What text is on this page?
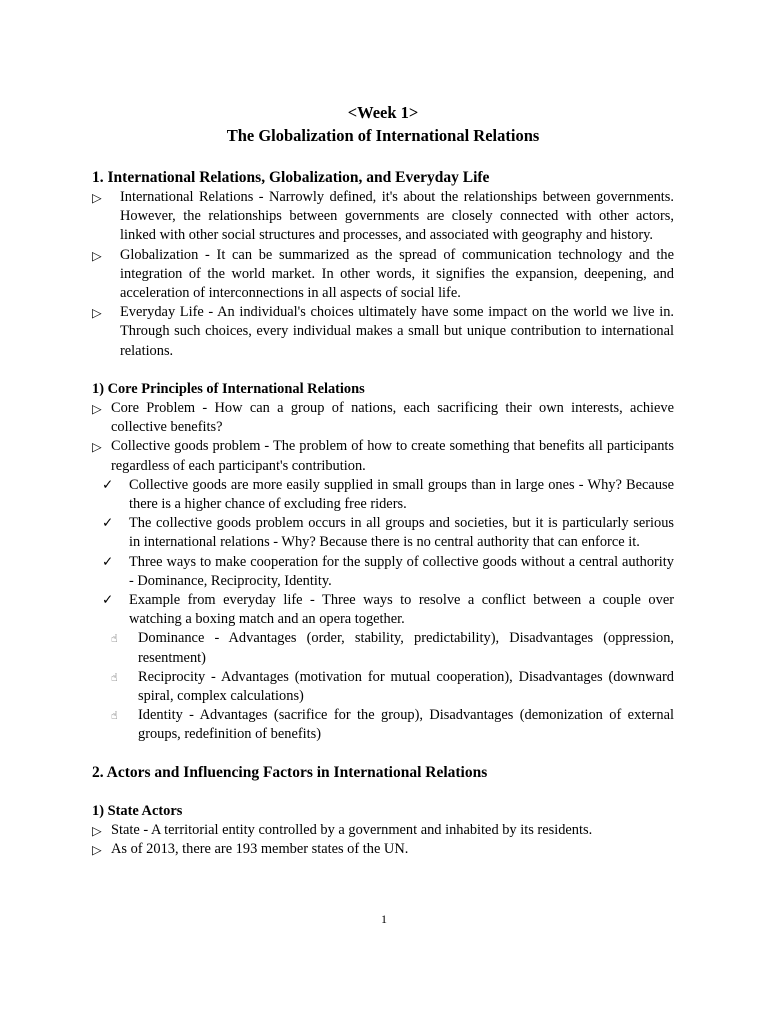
<Week 1>
The Globalization of International Relations
1. International Relations, Globalization, and Everyday Life
▷ International Relations - Narrowly defined, it's about the relationships between governments. However, the relationships between governments are closely connected with other actors, linked with other social structures and processes, and associated with geography and history.
▷ Globalization - It can be summarized as the spread of communication technology and the integration of the world market. In other words, it signifies the expansion, deepening, and acceleration of interconnections in all aspects of social life.
▷ Everyday Life - An individual's choices ultimately have some impact on the world we live in. Through such choices, every individual makes a small but unique contribution to international relations.
1) Core Principles of International Relations
▷ Core Problem - How can a group of nations, each sacrificing their own interests, achieve collective benefits?
▷ Collective goods problem - The problem of how to create something that benefits all participants regardless of each participant's contribution.
✓ Collective goods are more easily supplied in small groups than in large ones - Why? Because there is a higher chance of excluding free riders.
✓ The collective goods problem occurs in all groups and societies, but it is particularly serious in international relations - Why? Because there is no central authority that can enforce it.
✓ Three ways to make cooperation for the supply of collective goods without a central authority - Dominance, Reciprocity, Identity.
✓ Example from everyday life - Three ways to resolve a conflict between a couple over watching a boxing match and an opera together.
☝ Dominance - Advantages (order, stability, predictability), Disadvantages (oppression, resentment)
☝ Reciprocity - Advantages (motivation for mutual cooperation), Disadvantages (downward spiral, complex calculations)
☝ Identity - Advantages (sacrifice for the group), Disadvantages (demonization of external groups, redefinition of benefits)
2. Actors and Influencing Factors in International Relations
1) State Actors
▷ State - A territorial entity controlled by a government and inhabited by its residents.
▷ As of 2013, there are 193 member states of the UN.
1
